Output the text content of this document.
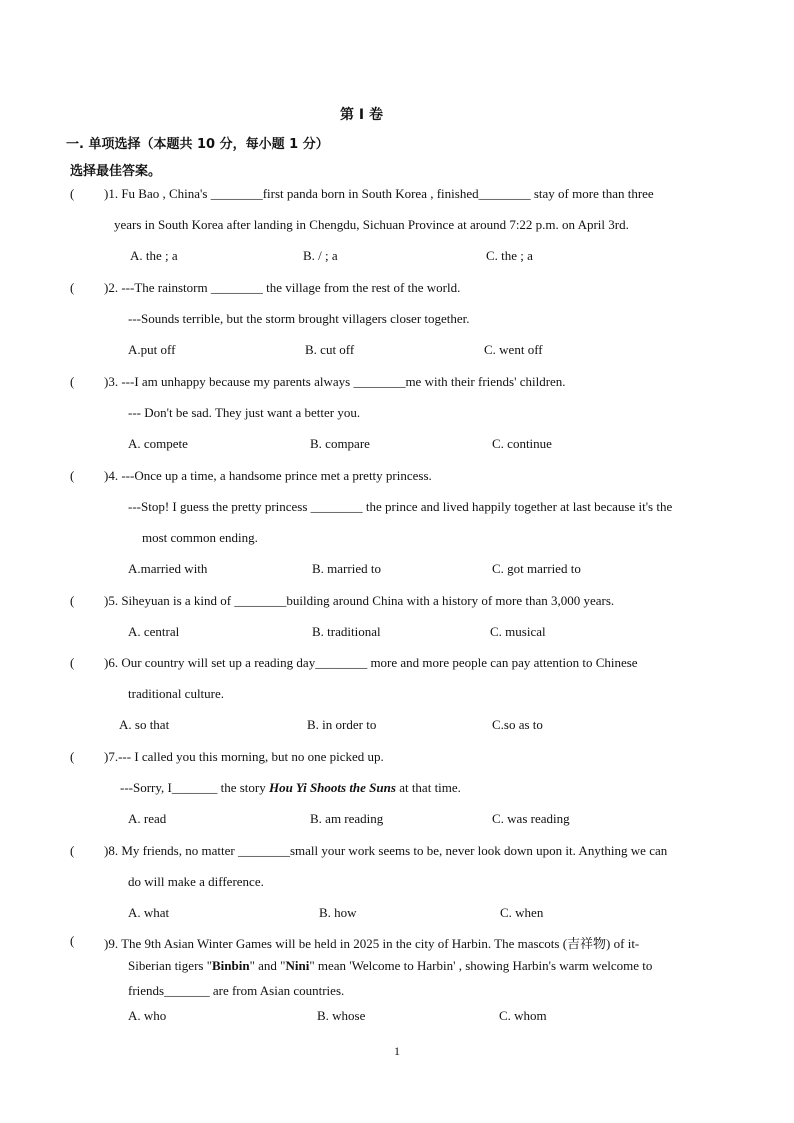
第 I 卷
一. 单项选择（本题共 10 分，每小题 1 分）
选择最佳答案。
( )1. Fu Bao , China's ________first panda born in South Korea , finished________ stay of more than three
years in South Korea after landing in Chengdu, Sichuan Province at around 7:22 p.m. on April 3rd.
A. the ; a	B. / ; a	C. the ; a
( )2. ---The rainstorm ________ the village from the rest of the world.
---Sounds terrible, but the storm brought villagers closer together.
A.put off	B. cut off	C. went off
( )3. ---I am unhappy because my parents always ________me with their friends' children.
--- Don't be sad. They just want a better you.
A. compete	B. compare	C. continue
( )4. ---Once up a time, a handsome prince met a pretty princess.
---Stop! I guess the pretty princess ________ the prince and lived happily together at last because it's the
most common ending.
A.married with	B. married to	C. got married to
( )5. Siheyuan is a kind of ________building around China with a history of more than 3,000 years.
A. central	B. traditional	C. musical
( )6. Our country will set up a reading day________ more and more people can pay attention to Chinese
traditional culture.
A. so that	B. in order to	C.so as to
( )7.--- I called you this morning, but no one picked up.
---Sorry, I_______ the story Hou Yi Shoots the Suns at that time.
A. read	B. am reading	C. was reading
( )8. My friends, no matter ________small your work seems to be, never look down upon it. Anything we can
do will make a difference.
A. what	B. how	C. when
( )9. The 9th Asian Winter Games will be held in 2025 in the city of Harbin. The mascots (吉祥物) of it-
Siberian tigers "Binbin" and "Nini" mean 'Welcome to Harbin' , showing Harbin's warm welcome to
friends_______ are from Asian countries.
A. who	B. whose	C. whom
1
